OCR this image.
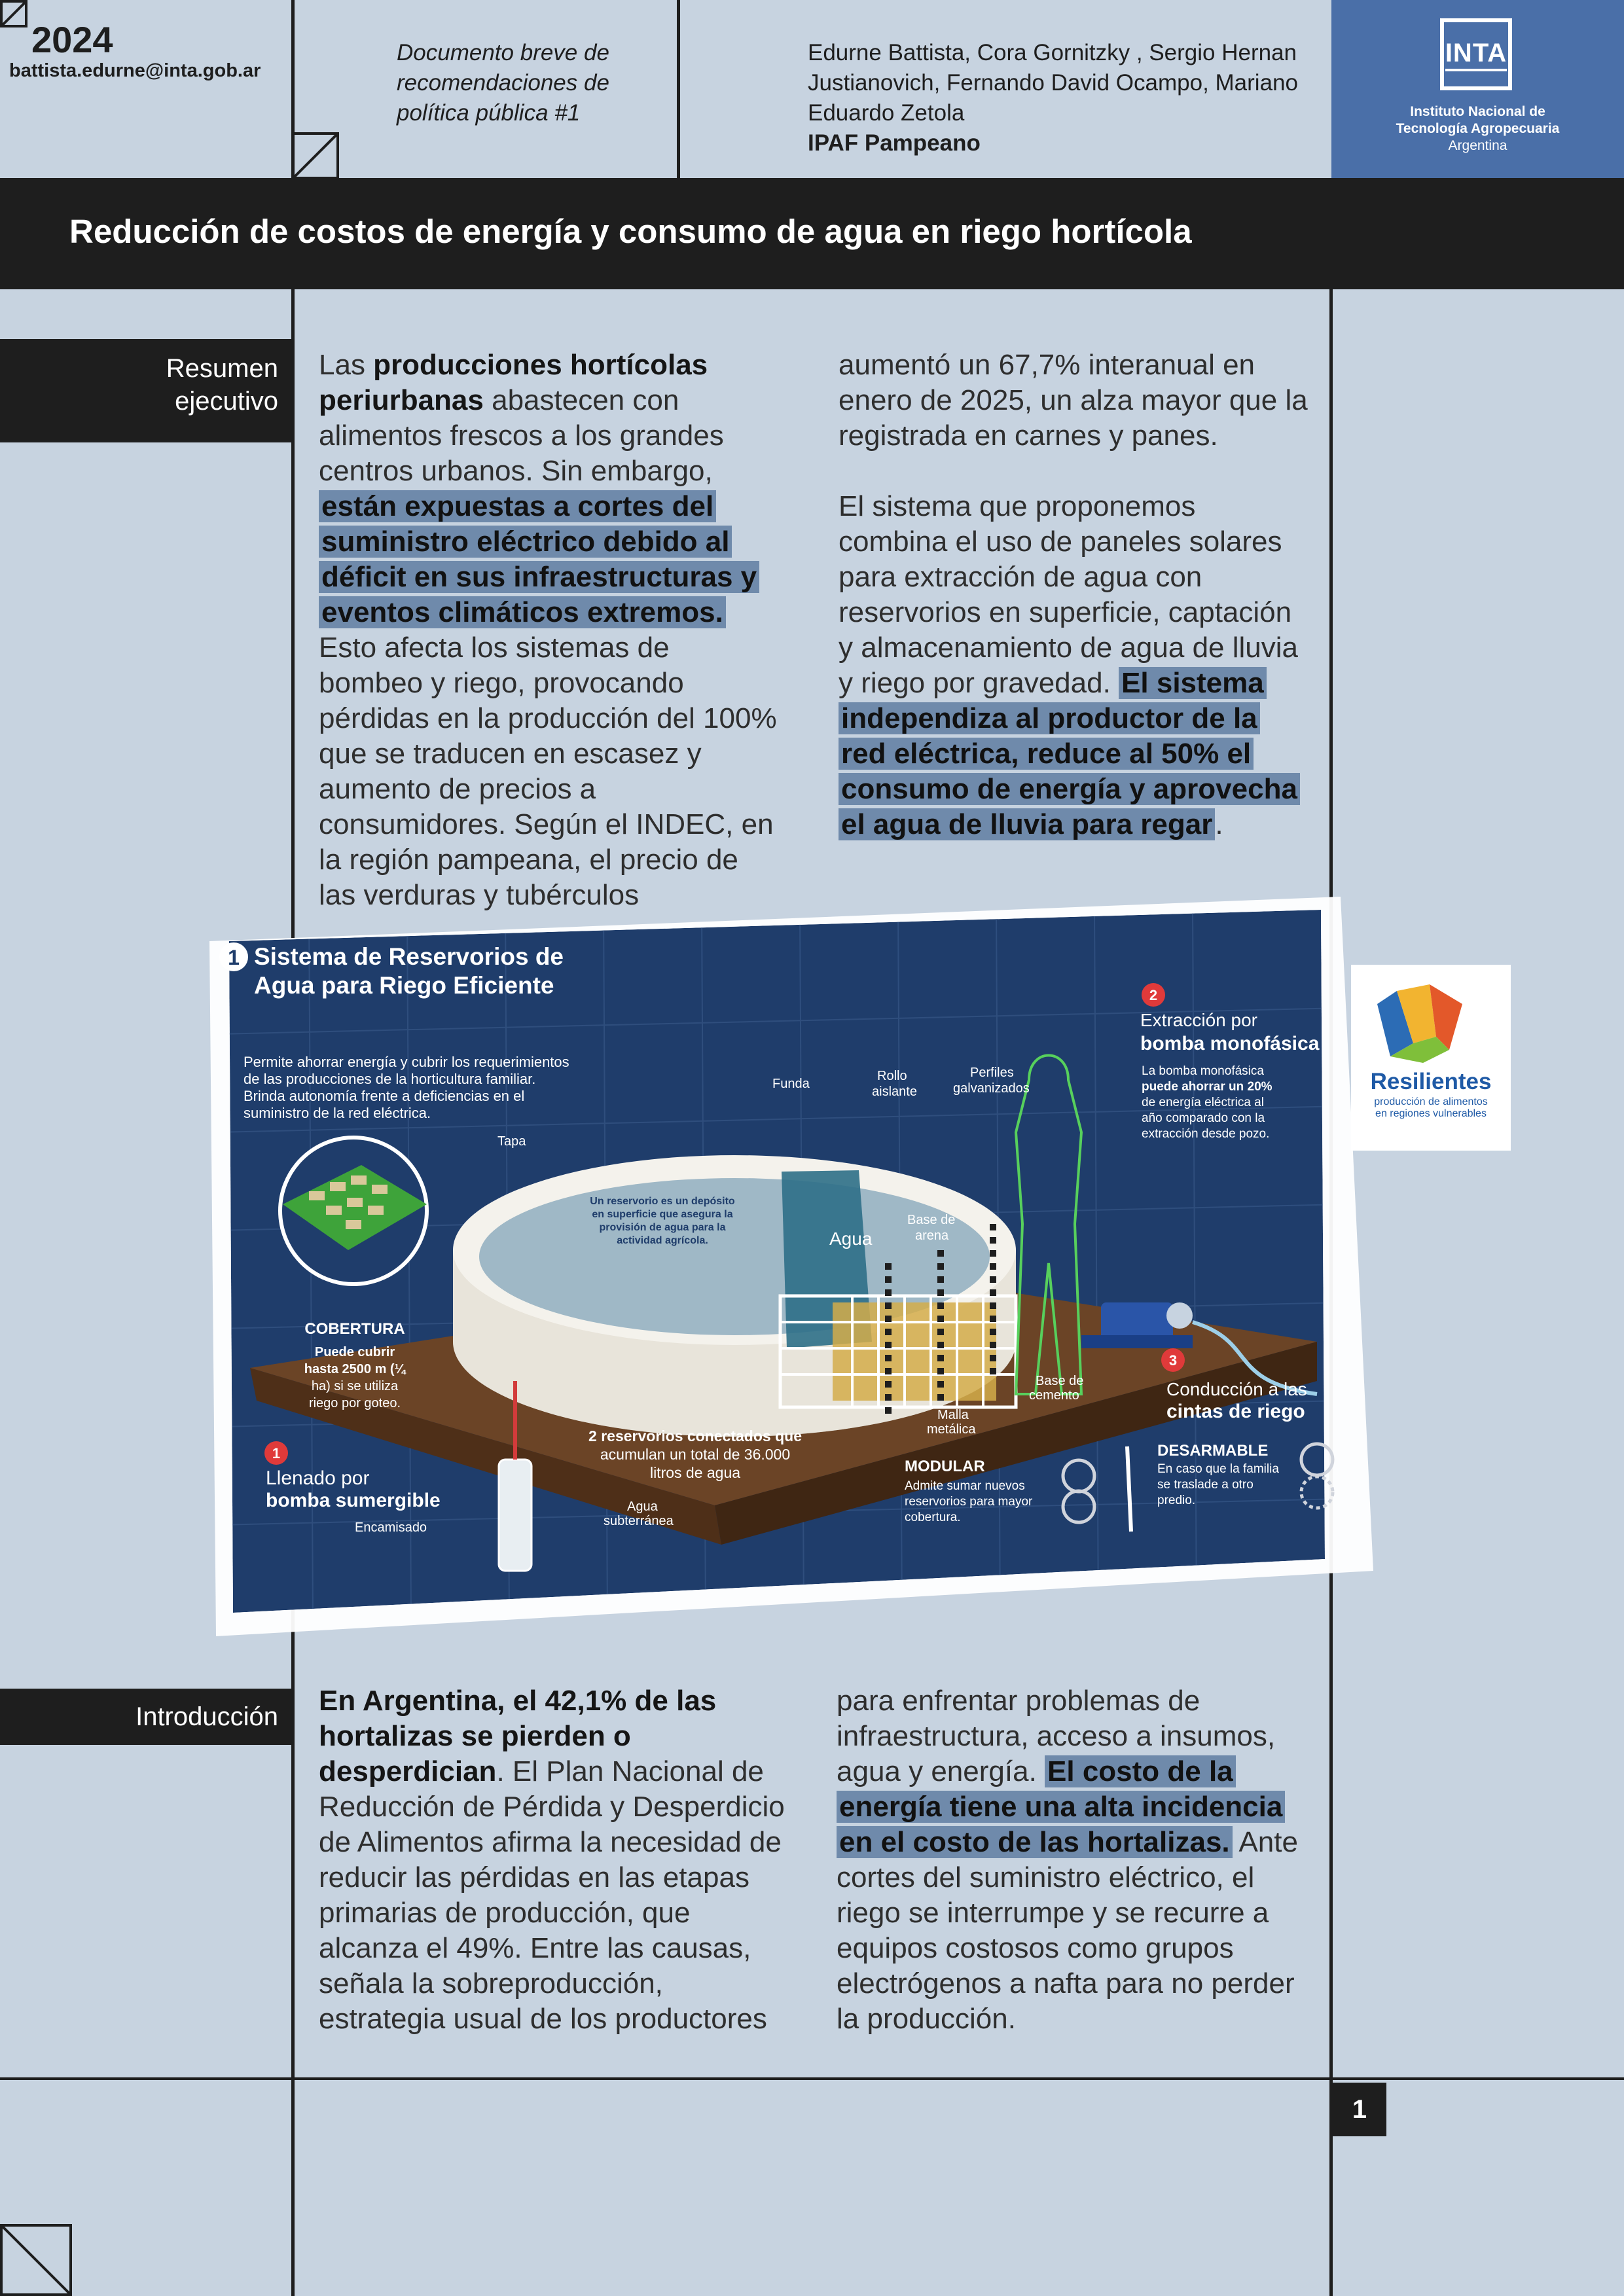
2024
battista.edurne@inta.gob.ar
Documento breve de recomendaciones de política pública #1
Edurne Battista, Cora Gornitzky , Sergio Hernan Justianovich, Fernando David Ocampo, Mariano Eduardo Zetola
IPAF Pampeano
INTA
Instituto Nacional de
Tecnología Agropecuaria
Argentina
Reducción de costos de energía y consumo de agua en riego hortícola
Resumen
ejecutivo
Las producciones hortícolas periurbanas abastecen con alimentos frescos a los grandes centros urbanos. Sin embargo, están expuestas a cortes del suministro eléctrico debido al déficit en sus infraestructuras y eventos climáticos extremos. Esto afecta los sistemas de bombeo y riego, provocando pérdidas en la producción del 100% que se traducen en escasez y aumento de precios a consumidores. Según el INDEC, en la región pampeana, el precio de las verduras y tubérculos

aumentó un 67,7% interanual en enero de 2025, un alza mayor que la registrada en carnes y panes.

El sistema que proponemos combina el uso de paneles solares para extracción de agua con reservorios en superficie, captación y almacenamiento de agua de lluvia y riego por gravedad. El sistema independiza al productor de la red eléctrica, reduce al 50% el consumo de energía y aprovecha el agua de lluvia para regar.

1 Sistema de Reservorios de
Agua para Riego Eficiente
Permite ahorrar energía y cubrir los requerimientos
de las producciones de la horticultura familiar.
Brinda autonomía frente a deficiencias en el
suministro de la red eléctrica.
Tapa
Funda
Rollo
aislante
Perfiles
galvanizados
Un reservorio es un depósito
en superficie que asegura la
provisión de agua para la
actividad agrícola.	Agua
Base de
arena
COBERTURA
Puede cubrir
hasta 2500 m (¼
ha) si se utiliza
riego por goteo.
2
Extracción por
bomba monofásica
La bomba monofásica
puede ahorrar un 20%
de energía eléctrica al
año comparado con la
extracción desde pozo.
3
Conducción a las
cintas de riego
Base de
cemento
Malla
metálica
2 reservorios conectados que
acumulan un total de 36.000
litros de agua
1
Llenado por
bomba sumergible
Encamisado
Agua
subterránea
MODULAR
Admite sumar nuevos
reservorios para mayor
cobertura.
DESARMABLE
En caso que la familia
se traslade a otro
predio.
Resilientes
producción de alimentos
en regiones vulnerables
Introducción	En Argentina, el 42,1% de las hortalizas se pierden o desperdician. El Plan Nacional de Reducción de Pérdida y Desperdicio de Alimentos afirma la necesidad de reducir las pérdidas en las etapas primarias de producción, que alcanza el 49%. Entre las causas, señala la sobreproducción, estrategia usual de los productores
para enfrentar problemas de infraestructura, acceso a insumos, agua y energía. El costo de la energía tiene una alta incidencia en el costo de las hortalizas. Ante cortes del suministro eléctrico, el riego se interrumpe y se recurre a equipos costosos como grupos electrógenos a nafta para no perder la producción.
1
